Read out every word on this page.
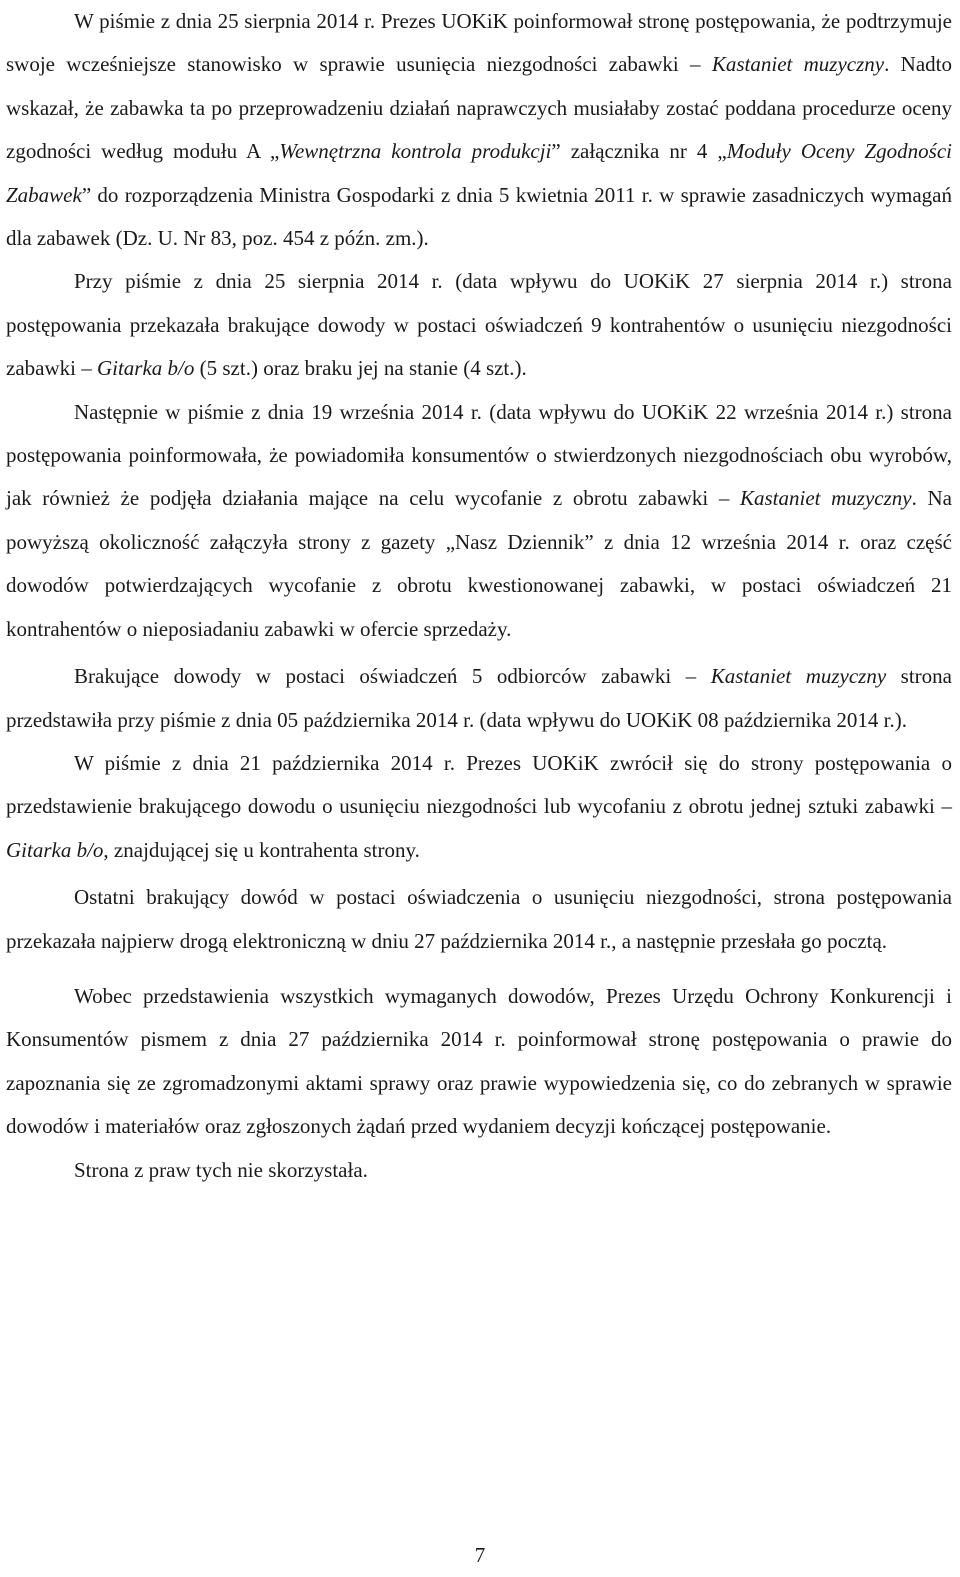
W piśmie z dnia 25 sierpnia 2014 r. Prezes UOKiK poinformował stronę postępowania, że podtrzymuje swoje wcześniejsze stanowisko w sprawie usunięcia niezgodności zabawki – Kastaniet muzyczny. Nadto wskazał, że zabawka ta po przeprowadzeniu działań naprawczych musiałaby zostać poddana procedurze oceny zgodności według modułu A „Wewnętrzna kontrola produkcji” załącznika nr 4 „Moduły Oceny Zgodności Zabawek” do rozporządzenia Ministra Gospodarki z dnia 5 kwietnia 2011 r. w sprawie zasadniczych wymagań dla zabawek (Dz. U. Nr 83, poz. 454 z późn. zm.).

Przy piśmie z dnia 25 sierpnia 2014 r. (data wpływu do UOKiK 27 sierpnia 2014 r.) strona postępowania przekazała brakujące dowody w postaci oświadczeń 9 kontrahentów o usunięciu niezgodności zabawki – Gitarka b/o (5 szt.) oraz braku jej na stanie (4 szt.).

Następnie w piśmie z dnia 19 września 2014 r. (data wpływu do UOKiK 22 września 2014 r.) strona postępowania poinformowała, że powiadomiła konsumentów o stwierdzonych niezgodnościach obu wyrobów, jak również że podjęła działania mające na celu wycofanie z obrotu zabawki – Kastaniet muzyczny. Na powyższą okoliczność załączyła strony z gazety „Nasz Dziennik” z dnia 12 września 2014 r. oraz część dowodów potwierdzających wycofanie z obrotu kwestionowanej zabawki, w postaci oświadczeń 21 kontrahentów o nieposiadaniu zabawki w ofercie sprzedaży.

Brakujące dowody w postaci oświadczeń 5 odbiorców zabawki – Kastaniet muzyczny strona przedstawiła przy piśmie z dnia 05 października 2014 r. (data wpływu do UOKiK 08 października 2014 r.).

W piśmie z dnia 21 października 2014 r. Prezes UOKiK zwrócił się do strony postępowania o przedstawienie brakującego dowodu o usunięciu niezgodności lub wycofaniu z obrotu jednej sztuki zabawki – Gitarka b/o, znajdującej się u kontrahenta strony.

Ostatni brakujący dowód w postaci oświadczenia o usunięciu niezgodności, strona postępowania przekazała najpierw drogą elektroniczną w dniu 27 października 2014 r., a następnie przesłała go pocztą.

Wobec przedstawienia wszystkich wymaganych dowodów, Prezes Urzędu Ochrony Konkurencji i Konsumentów pismem z dnia 27 października 2014 r. poinformował stronę postępowania o prawie do zapoznania się ze zgromadzonymi aktami sprawy oraz prawie wypowiedzenia się, co do zebranych w sprawie dowodów i materiałów oraz zgłoszonych żądań przed wydaniem decyzji kończącej postępowanie.

Strona z praw tych nie skorzystała.

7
